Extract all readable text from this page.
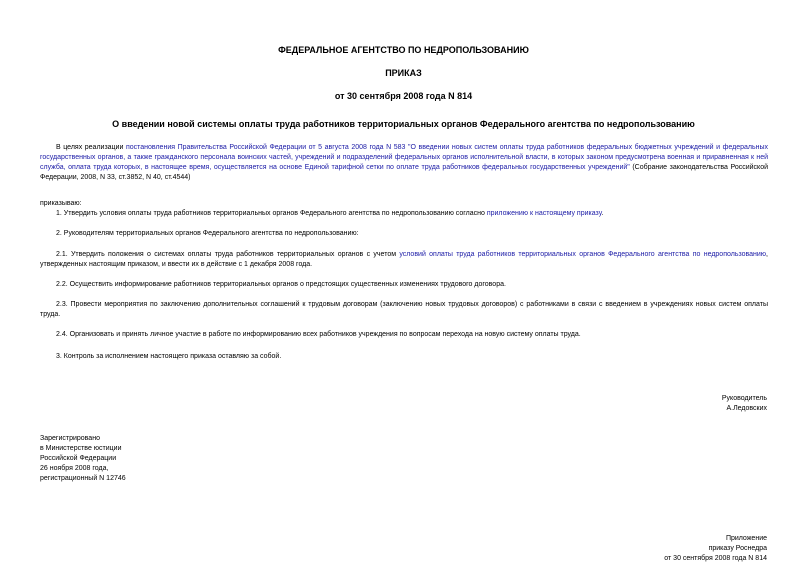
ФЕДЕРАЛЬНОЕ АГЕНТСТВО ПО НЕДРОПОЛЬЗОВАНИЮ
ПРИКАЗ
от 30 сентября 2008 года N 814
О введении новой системы оплаты труда работников территориальных органов Федерального агентства по недропользованию
В целях реализации постановления Правительства Российской Федерации от 5 августа 2008 года N 583 "О введении новых систем оплаты труда работников федеральных бюджетных учреждений и федеральных государственных органов, а также гражданского персонала воинских частей, учреждений и подразделений федеральных органов исполнительной власти, в которых законом предусмотрена военная и приравненная к ней служба, оплата труда которых, в настоящее время, осуществляется на основе Единой тарифной сетки по оплате труда работников федеральных государственных учреждений" (Собрание законодательства Российской Федерации, 2008, N 33, ст.3852, N 40, ст.4544)
приказываю:
1. Утвердить условия оплаты труда работников территориальных органов Федерального агентства по недропользованию согласно приложению к настоящему приказу.
2. Руководителям территориальных органов Федерального агентства по недропользованию:
2.1. Утвердить положения о системах оплаты труда работников территориальных органов с учетом условий оплаты труда работников территориальных органов Федерального агентства по недропользованию, утвержденных настоящим приказом, и ввести их в действие с 1 декабря 2008 года.
2.2. Осуществить информирование работников территориальных органов о предстоящих существенных изменениях трудового договора.
2.3. Провести мероприятия по заключению дополнительных соглашений к трудовым договорам (заключению новых трудовых договоров) с работниками в связи с введением в учреждениях новых систем оплаты труда.
2.4. Организовать и принять личное участие в работе по информированию всех работников учреждения по вопросам перехода на новую систему оплаты труда.
3. Контроль за исполнением настоящего приказа оставляю за собой.
Руководитель
А.Ледовских
Зарегистрировано
в Министерстве юстиции
Российской Федерации
26 ноября 2008 года,
регистрационный N 12746
Приложение
приказу Роснедра
от 30 сентября 2008 года N 814
